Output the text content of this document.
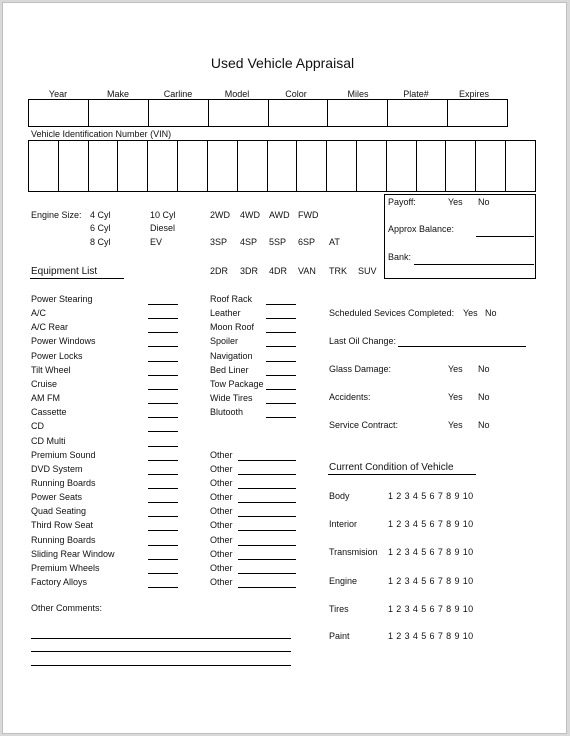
Used Vehicle Appraisal

Vehicle Identification Number (VIN)

Engine Size: 4 Cyl	10 Cyl
6 Cyl	Diesel
8 Cyl	EV
Payoff:	Yes No
Approx Balance:
Bank:
Equipment List
Scheduled Sevices Completed: Yes No
Last Oil Change:
Glass Damage:	Yes No
Accidents:	Yes No
Service Contract:	Yes No
Current Condition of Vehicle
Other Comments:
Year	Make	Carline	Model	Color	Miles	Plate#	Expires
2WD 4WD AWD FWD
3SP 4SP 5SP 6SP AT
2DR 3DR 4DR VAN TRK SUV
Power Stearing
A/C
A/C Rear
Power Windows
Power Locks
Tilt Wheel
Cruise
AM FM
Cassette
CD
CD Multi
Premium Sound
DVD System
Running Boards
Power Seats
Quad Seating
Third Row Seat
Running Boards
Sliding Rear Window
Premium Wheels
Factory Alloys
Roof Rack
Leather
Moon Roof
Spoiler
Navigation
Bed Liner
Tow Package
Wide Tires
Blutooth
Other
Other
Other
Other
Other
Other
Other
Other
Other
Other
Body	1 2 3 4 5 6 7 8 9 10
Interior	1 2 3 4 5 6 7 8 9 10
Transmision 1 2 3 4 5 6 7 8 9 10
Engine	1 2 3 4 5 6 7 8 9 10
Tires	1 2 3 4 5 6 7 8 9 10
Paint	1 2 3 4 5 6 7 8 9 10
